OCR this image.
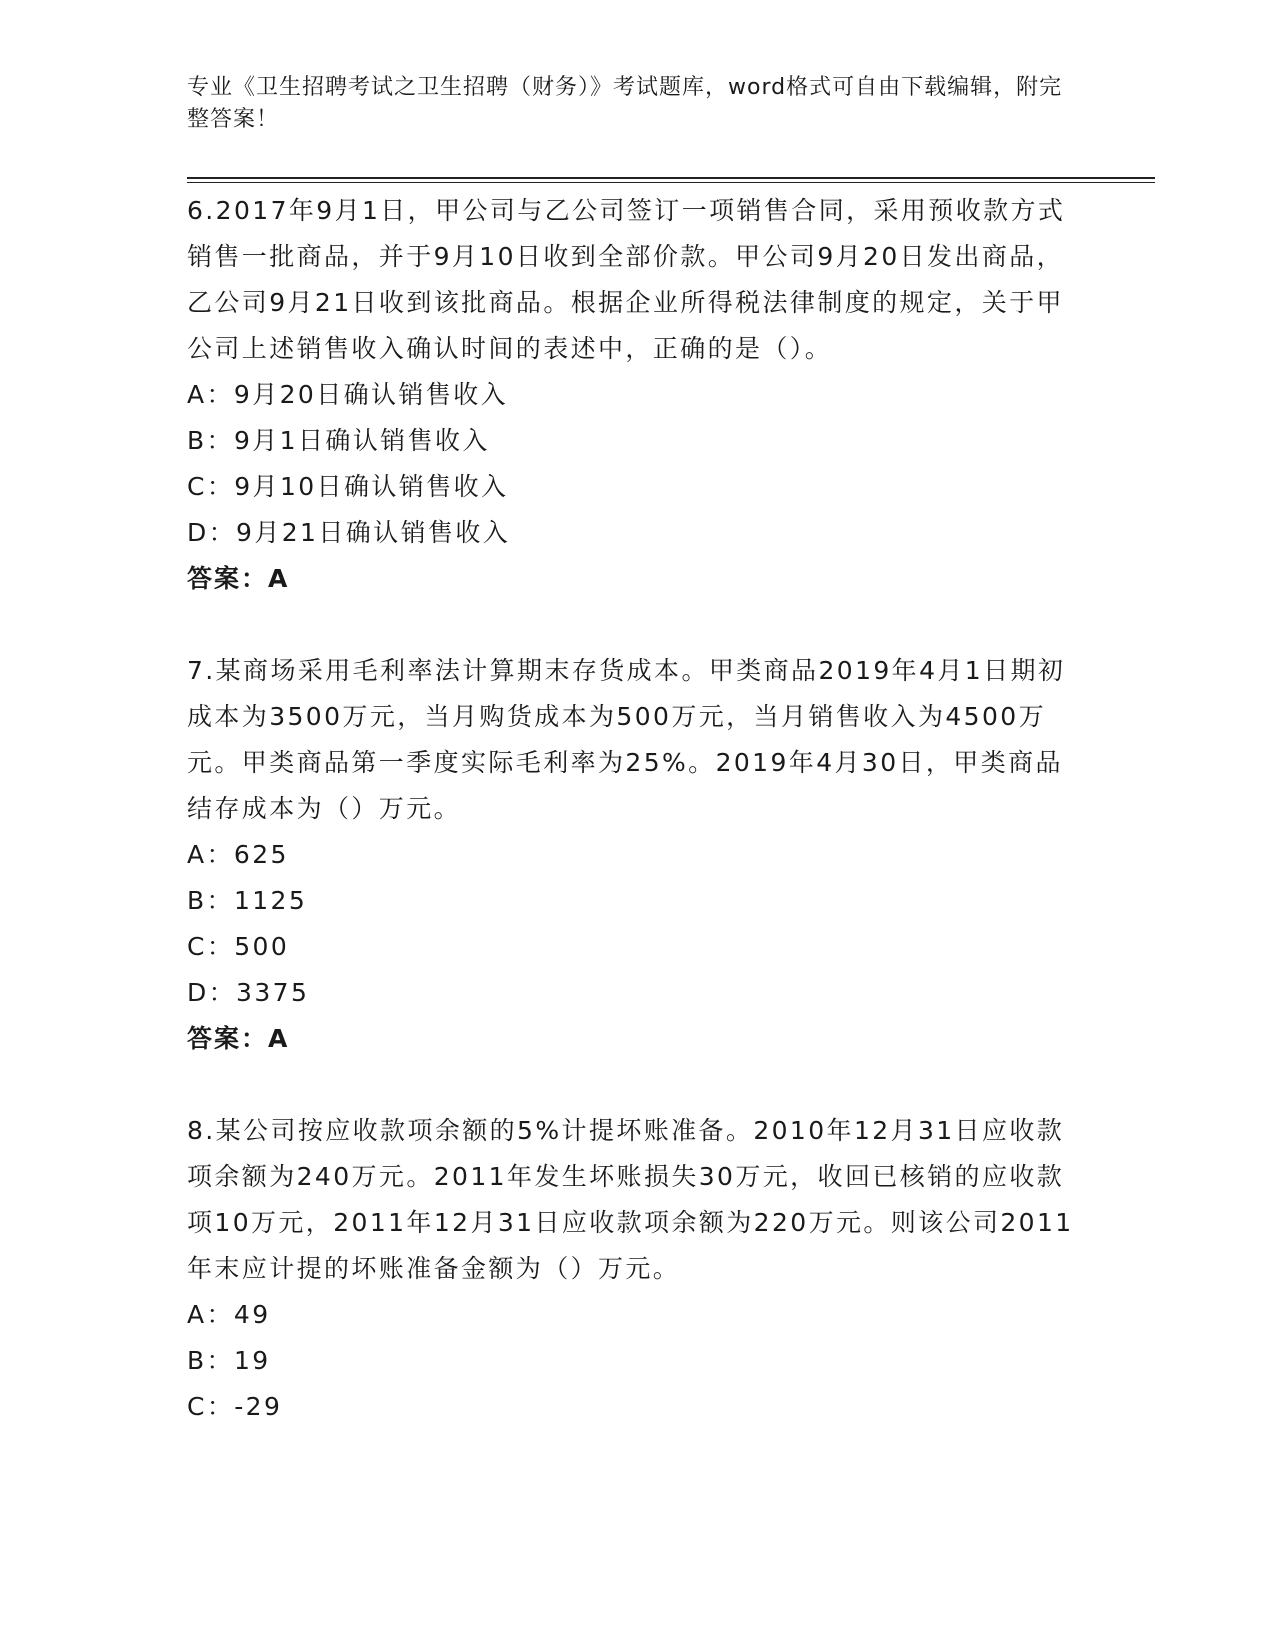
专业《卫生招聘考试之卫生招聘（财务）》考试题库，word格式可自由下载编辑，附完整答案！

6.2017年9月1日，甲公司与乙公司签订一项销售合同，采用预收款方式销售一批商品，并于9月10日收到全部价款。甲公司9月20日发出商品，乙公司9月21日收到该批商品。根据企业所得税法律制度的规定，关于甲公司上述销售收入确认时间的表述中，正确的是（）。

A：9月20日确认销售收入
B：9月1日确认销售收入
C：9月10日确认销售收入
D：9月21日确认销售收入

答案：A

7.某商场采用毛利率法计算期末存货成本。甲类商品2019年4月1日期初成本为3500万元，当月购货成本为500万元，当月销售收入为4500万元。甲类商品第一季度实际毛利率为25%。2019年4月30日，甲类商品结存成本为（）万元。

A：625
B：1125
C：500
D：3375

答案：A

8.某公司按应收款项余额的5%计提坏账准备。2010年12月31日应收款项余额为240万元。2011年发生坏账损失30万元，收回已核销的应收款项10万元，2011年12月31日应收款项余额为220万元。则该公司2011年末应计提的坏账准备金额为（）万元。

A：49
B：19
C：-29
